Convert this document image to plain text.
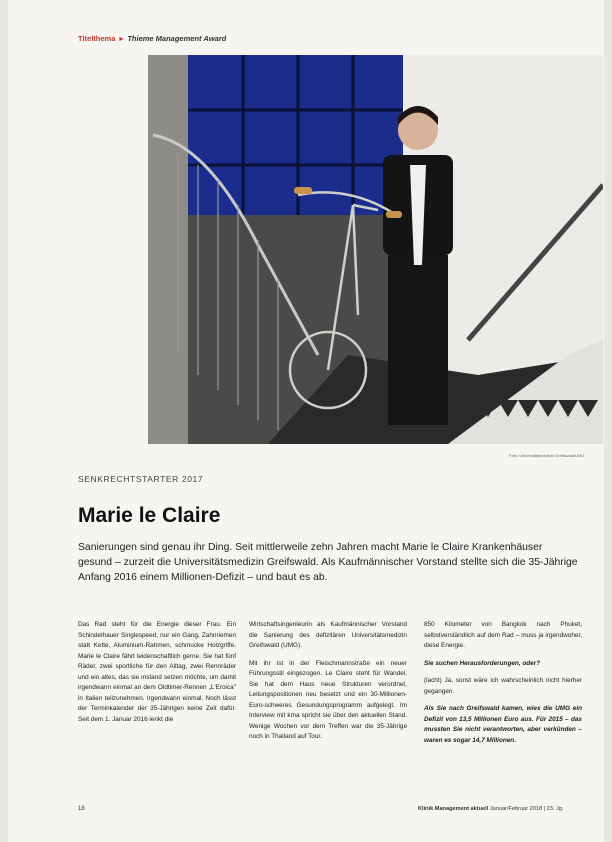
Titelthema ▸ Thieme Management Award
Foto: Universitätsmedizin Greifswald/UMG
SENKRECHTSTARTER 2017
Marie le Claire
Sanierungen sind genau ihr Ding. Seit mittlerweile zehn Jahren macht Marie le Claire Krankenhäuser gesund – zurzeit die Universitätsmedizin Greifswald. Als Kaufmännischer Vorstand stellte sich die 35-Jährige Anfang 2016 einem Millionen-Defizit – und baut es ab.

Das Rad steht für die Energie dieser Frau. Ein Schindelhauer Singlespeed, nur ein Gang, Zahnriemen statt Kette, Aluminium-Rahmen, schmucke Holzgriffe. Marie le Claire fährt leidenschaftlich gerne. Sie hat fünf Räder, zwei sportliche für den Alltag, zwei Rennräder und ein altes, das sie instand setzen möchte, um damit irgendwann einmal an dem Oldtimer-Rennen „L'Eroica" in Italien teilzunehmen. Irgendwann einmal. Noch lässt der Terminkalender der 35-Jährigen keine Zeit dafür. Seit dem 1. Januar 2016 lenkt die

Wirtschaftsingenieurin als Kaufmännischer Vorstand die Sanierung des defizitären Universitätsmedizin Greifswald (UMG).

Mit ihr ist in der Fleischmannstraße ein neuer Führungsstil eingezogen. Le Claire steht für Wandel. Sie hat dem Haus neue Strukturen verordnet, Leitungspositionen neu besetzt und ein 30-Millionen-Euro-schweres Gesundungsprogramm aufgelegt. Im Interview mit kma spricht sie über den aktuellen Stand. Wenige Wochen vor dem Treffen war die 35-Jährige noch in Thailand auf Tour.

850 Kilometer von Bangkok nach Phuket, selbstverständlich auf dem Rad – muss ja irgendwoher, diese Energie.

Sie suchen Herausforderungen, oder?

(lacht) Ja, sonst wäre ich wahrscheinlich nicht hierher gegangen.

Als Sie nach Greifswald kamen, wies die UMG ein Defizit von 13,5 Millionen Euro aus. Für 2015 – das mussten Sie nicht verantworten, aber verkünden – waren es sogar 14,7 Millionen.

18	Klinik Management aktuell Januar/Februar 2018 | 23. Jg.
